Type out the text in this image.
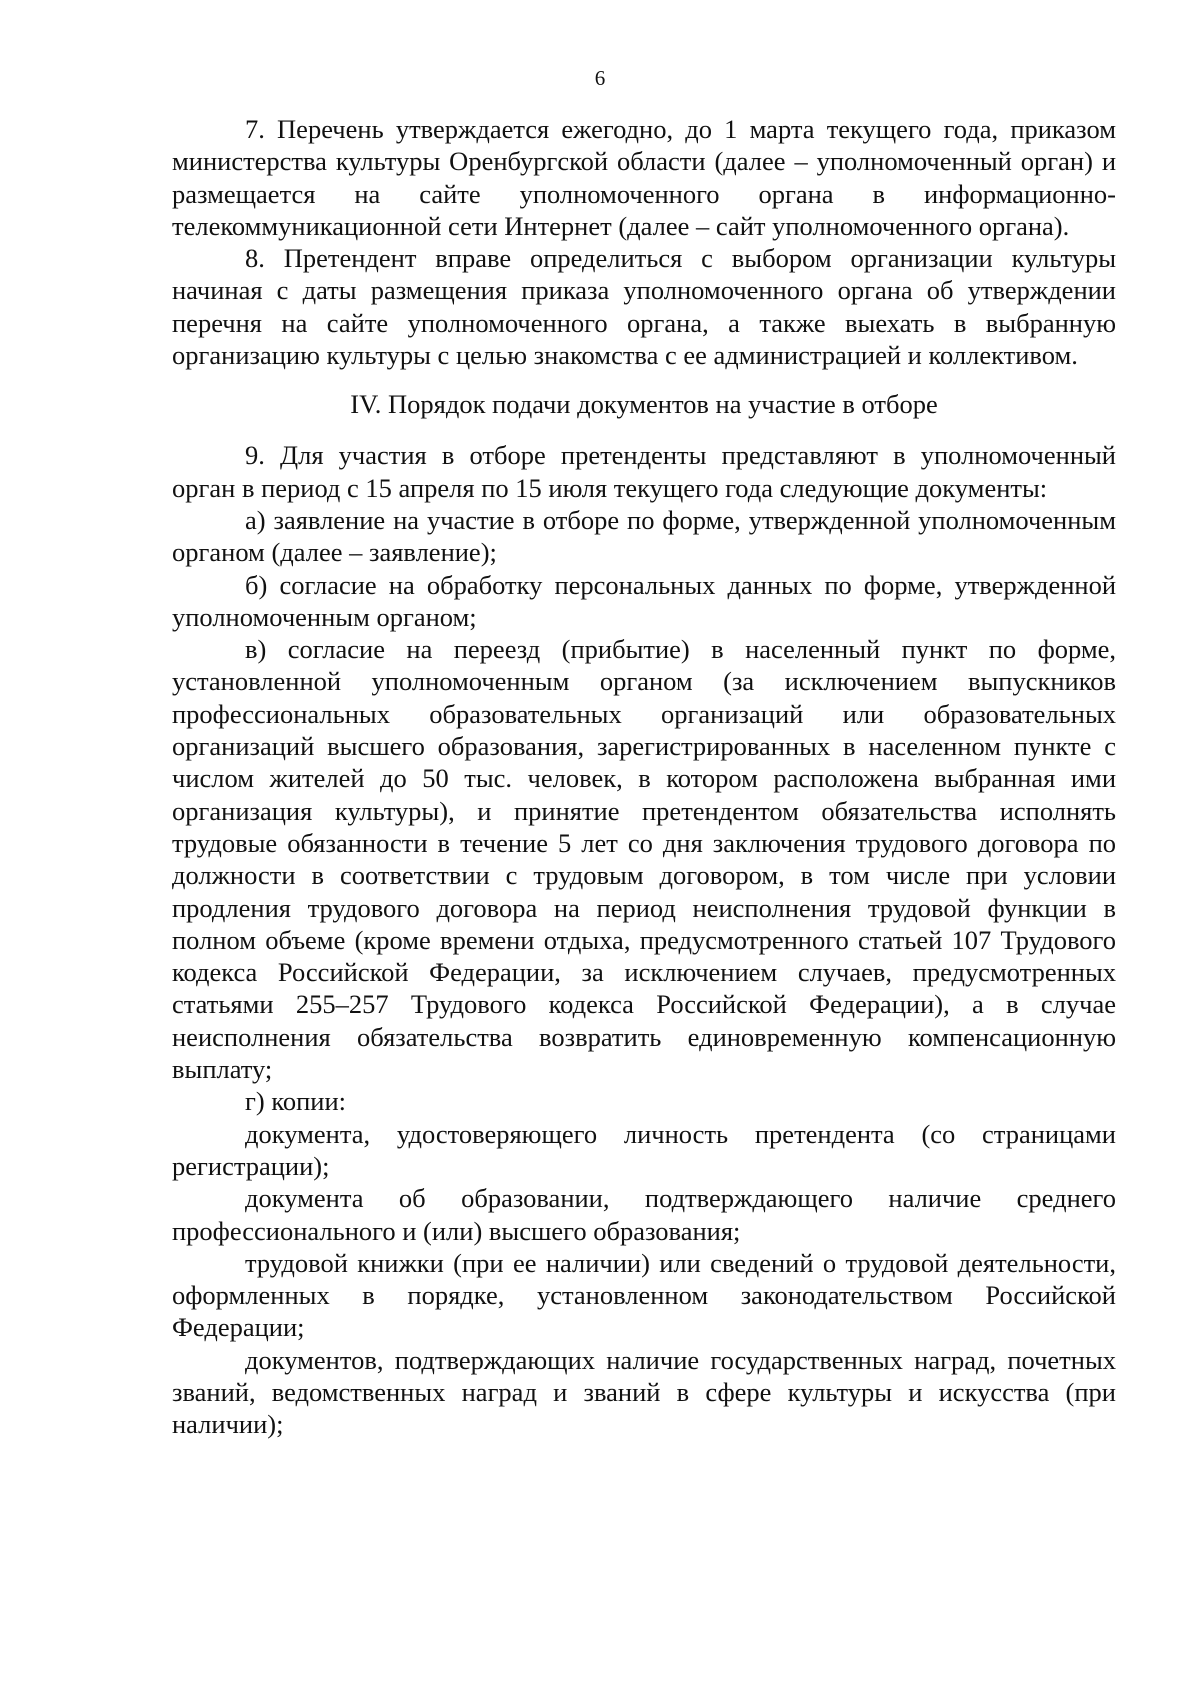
6

7. Перечень утверждается ежегодно, до 1 марта текущего года, приказом министерства культуры Оренбургской области (далее – уполномоченный орган) и размещается на сайте уполномоченного органа в информационно-телекоммуникационной сети Интернет (далее – сайт уполномоченного органа).

8. Претендент вправе определиться с выбором организации культуры начиная с даты размещения приказа уполномоченного органа об утверждении перечня на сайте уполномоченного органа, а также выехать в выбранную организацию культуры с целью знакомства с ее администрацией и коллективом.

IV. Порядок подачи документов на участие в отборе

9. Для участия в отборе претенденты представляют в уполномоченный орган в период с 15 апреля по 15 июля текущего года следующие документы:

а) заявление на участие в отборе по форме, утвержденной уполномоченным органом (далее – заявление);

б) согласие на обработку персональных данных по форме, утвержденной уполномоченным органом;

в) согласие на переезд (прибытие) в населенный пункт по форме, установленной уполномоченным органом (за исключением выпускников профессиональных образовательных организаций или образовательных организаций высшего образования, зарегистрированных в населенном пункте с числом жителей до 50 тыс. человек, в котором расположена выбранная ими организация культуры), и принятие претендентом обязательства исполнять трудовые обязанности в течение 5 лет со дня заключения трудового договора по должности в соответствии с трудовым договором, в том числе при условии продления трудового договора на период неисполнения трудовой функции в полном объеме (кроме времени отдыха, предусмотренного статьей 107 Трудового кодекса Российской Федерации, за исключением случаев, предусмотренных статьями 255–257 Трудового кодекса Российской Федерации), а в случае неисполнения обязательства возвратить единовременную компенсационную выплату;

г) копии:

документа, удостоверяющего личность претендента (со страницами регистрации);

документа об образовании, подтверждающего наличие среднего профессионального и (или) высшего образования;

трудовой книжки (при ее наличии) или сведений о трудовой деятельности, оформленных в порядке, установленном законодательством Российской Федерации;

документов, подтверждающих наличие государственных наград, почетных званий, ведомственных наград и званий в сфере культуры и искусства (при наличии);
